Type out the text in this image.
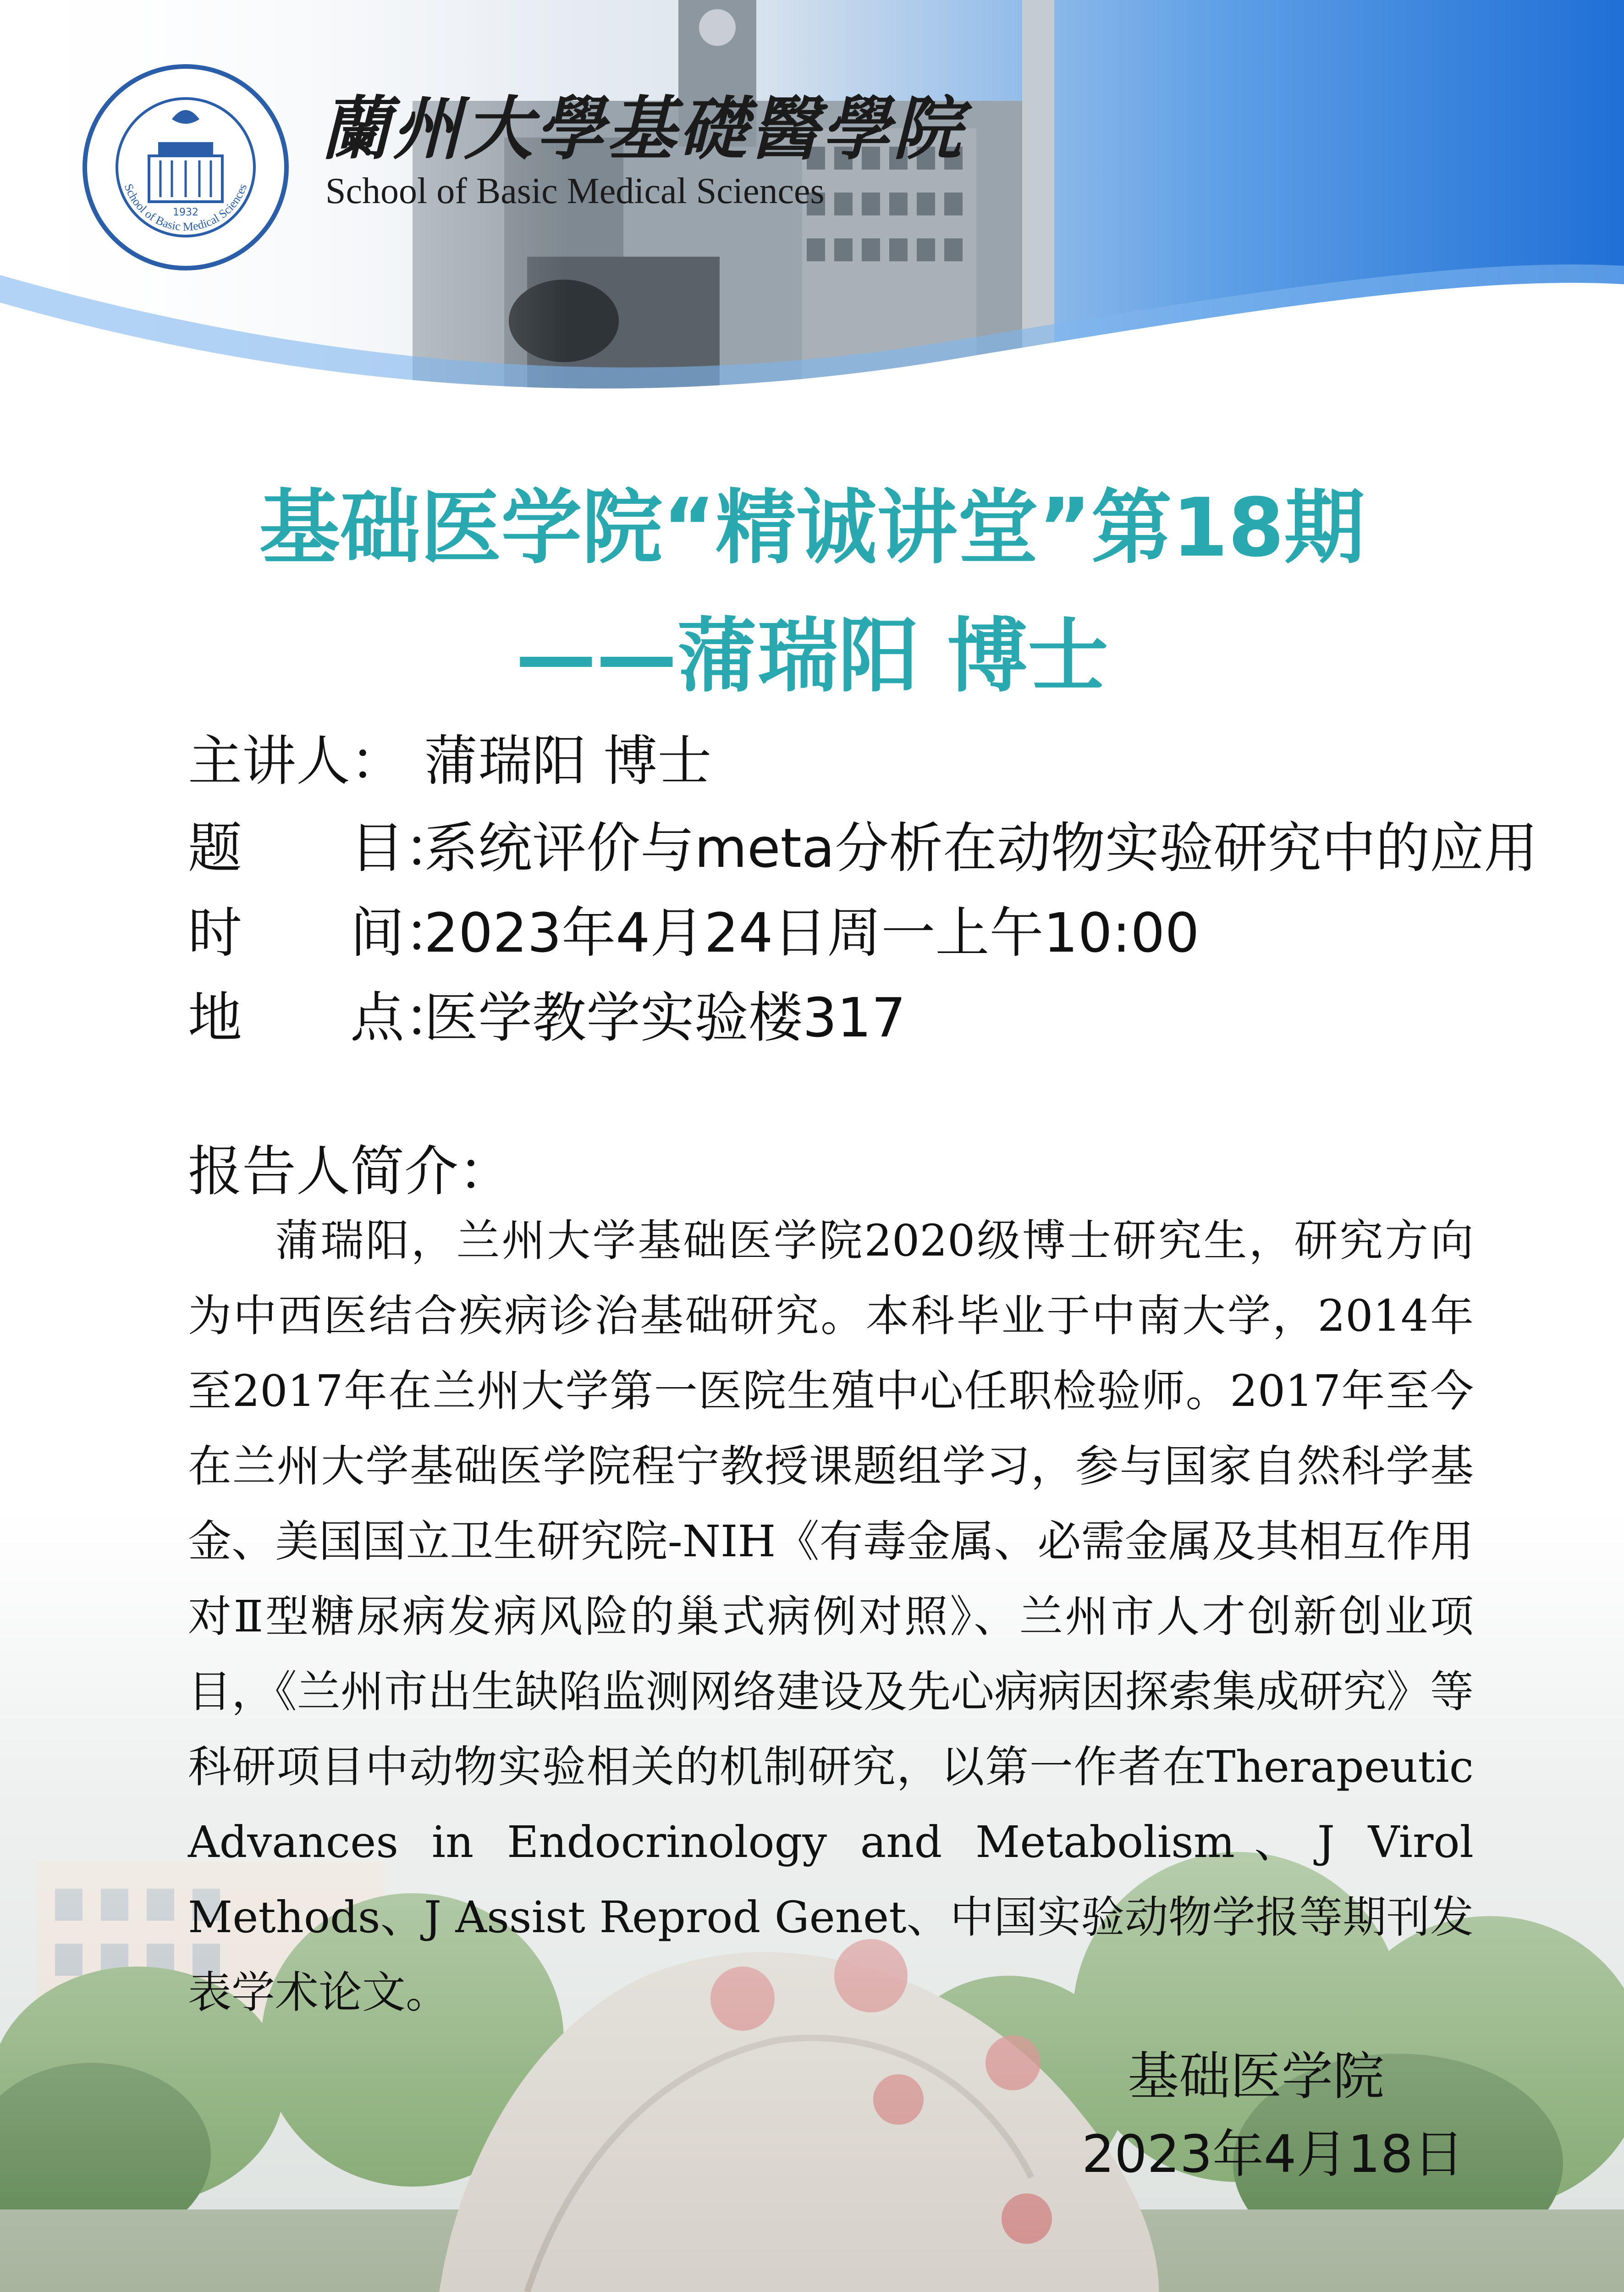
1932
School of Basic Medical Sciences
蘭州大學基礎醫學院
School of Basic Medical Sciences
基础医学院“精诚讲堂”第18期
——蒲瑞阳 博士
主讲人： 蒲瑞阳 博士
题　　目：系统评价与meta分析在动物实验研究中的应用
时　　间：2023年4月24日周一上午10:00
地　　点：医学教学实验楼317
报告人简介：
蒲瑞阳，兰州大学基础医学院2020级博士研究生，研究方向为中西医结合疾病诊治基础研究。本科毕业于中南大学，2014年至2017年在兰州大学第一医院生殖中心任职检验师。2017年至今在兰州大学基础医学院程宁教授课题组学习，参与国家自然科学基金、美国国立卫生研究院-NIH《有毒金属、必需金属及其相互作用对Ⅱ型糖尿病发病风险的巢式病例对照》、兰州市人才创新创业项目，《兰州市出生缺陷监测网络建设及先心病病因探索集成研究》等科研项目中动物实验相关的机制研究，以第一作者在Therapeutic Advances in Endocrinology and Metabolism、J Virol Methods、J Assist Reprod Genet、中国实验动物学报等期刊发表学术论文。
基础医学院
2023年4月18日
